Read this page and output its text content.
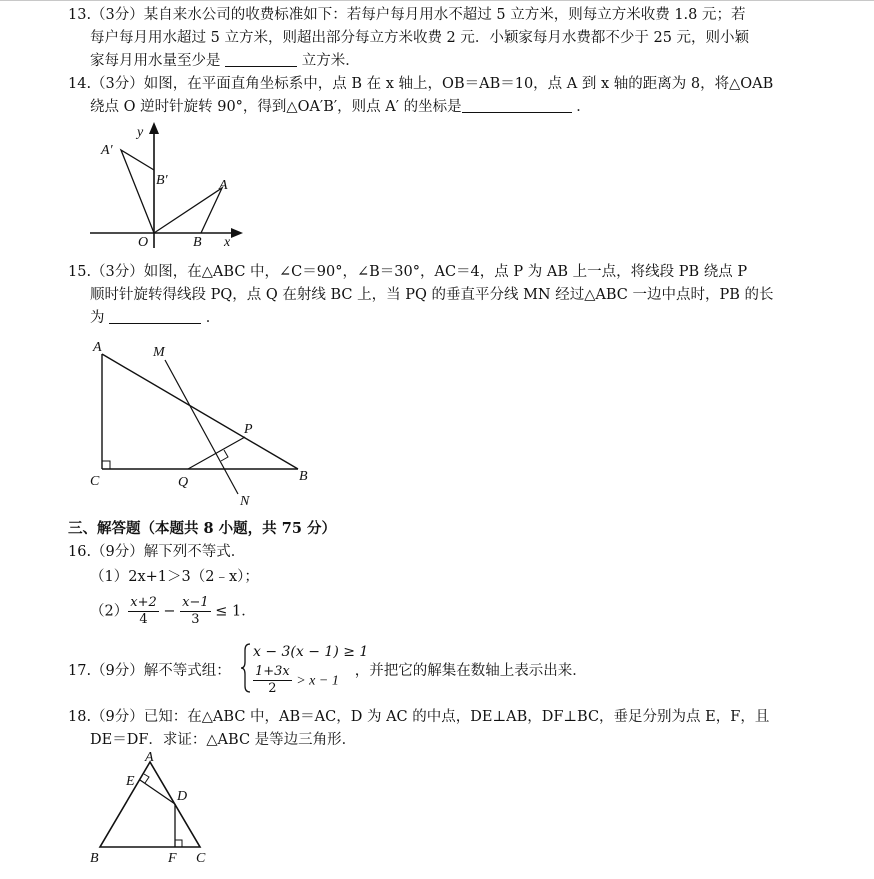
13.（3分）某自来水公司的收费标准如下：若每户每月用水不超过 5 立方米，则每立方米收费 1.8 元；若
每户每月用水超过 5 立方米，则超出部分每立方米收费 2 元．小颖家每月水费都不少于 25 元，则小颖
家每月用水量至少是	立方米．
14.（3分）如图，在平面直角坐标系中，点 B 在 x 轴上，OB＝AB＝10，点 A 到 x 轴的距离为 8，将△OAB
绕点 O 逆时针旋转 90°，得到△OA′B′，则点 A′ 的坐标是	．
y
x
O	B
A
A′
B′
15.（3分）如图，在△ABC 中，∠C＝90°，∠B＝30°，AC＝4，点 P 为 AB 上一点，将线段 PB 绕点 P
顺时针旋转得线段 PQ，点 Q 在射线 BC 上，当 PQ 的垂直平分线 MN 经过△ABC 一边中点时，PB 的长
为	．
A	M
P
C	Q	B
N
三、解答题（本题共 8 小题，共 75 分）
16.（9分）解下列不等式．
（1）2x+1＞3（2﹣x）；
$(2) \frac{x+2}{4} - \frac{x-1}{3} \le 1$．
17.（9分）解不等式组：	，并把它的解集在数轴上表示出来．
x − 3(x − 1) ≥ 1
$\frac{1+3x}{2} > x - 1$
18.（9分）已知：在△ABC 中，AB＝AC，D 为 AC 的中点，DE⊥AB，DF⊥BC，垂足分别为点 E，F，且
DE＝DF．求证：△ABC 是等边三角形．
A
E
D
B	F C
